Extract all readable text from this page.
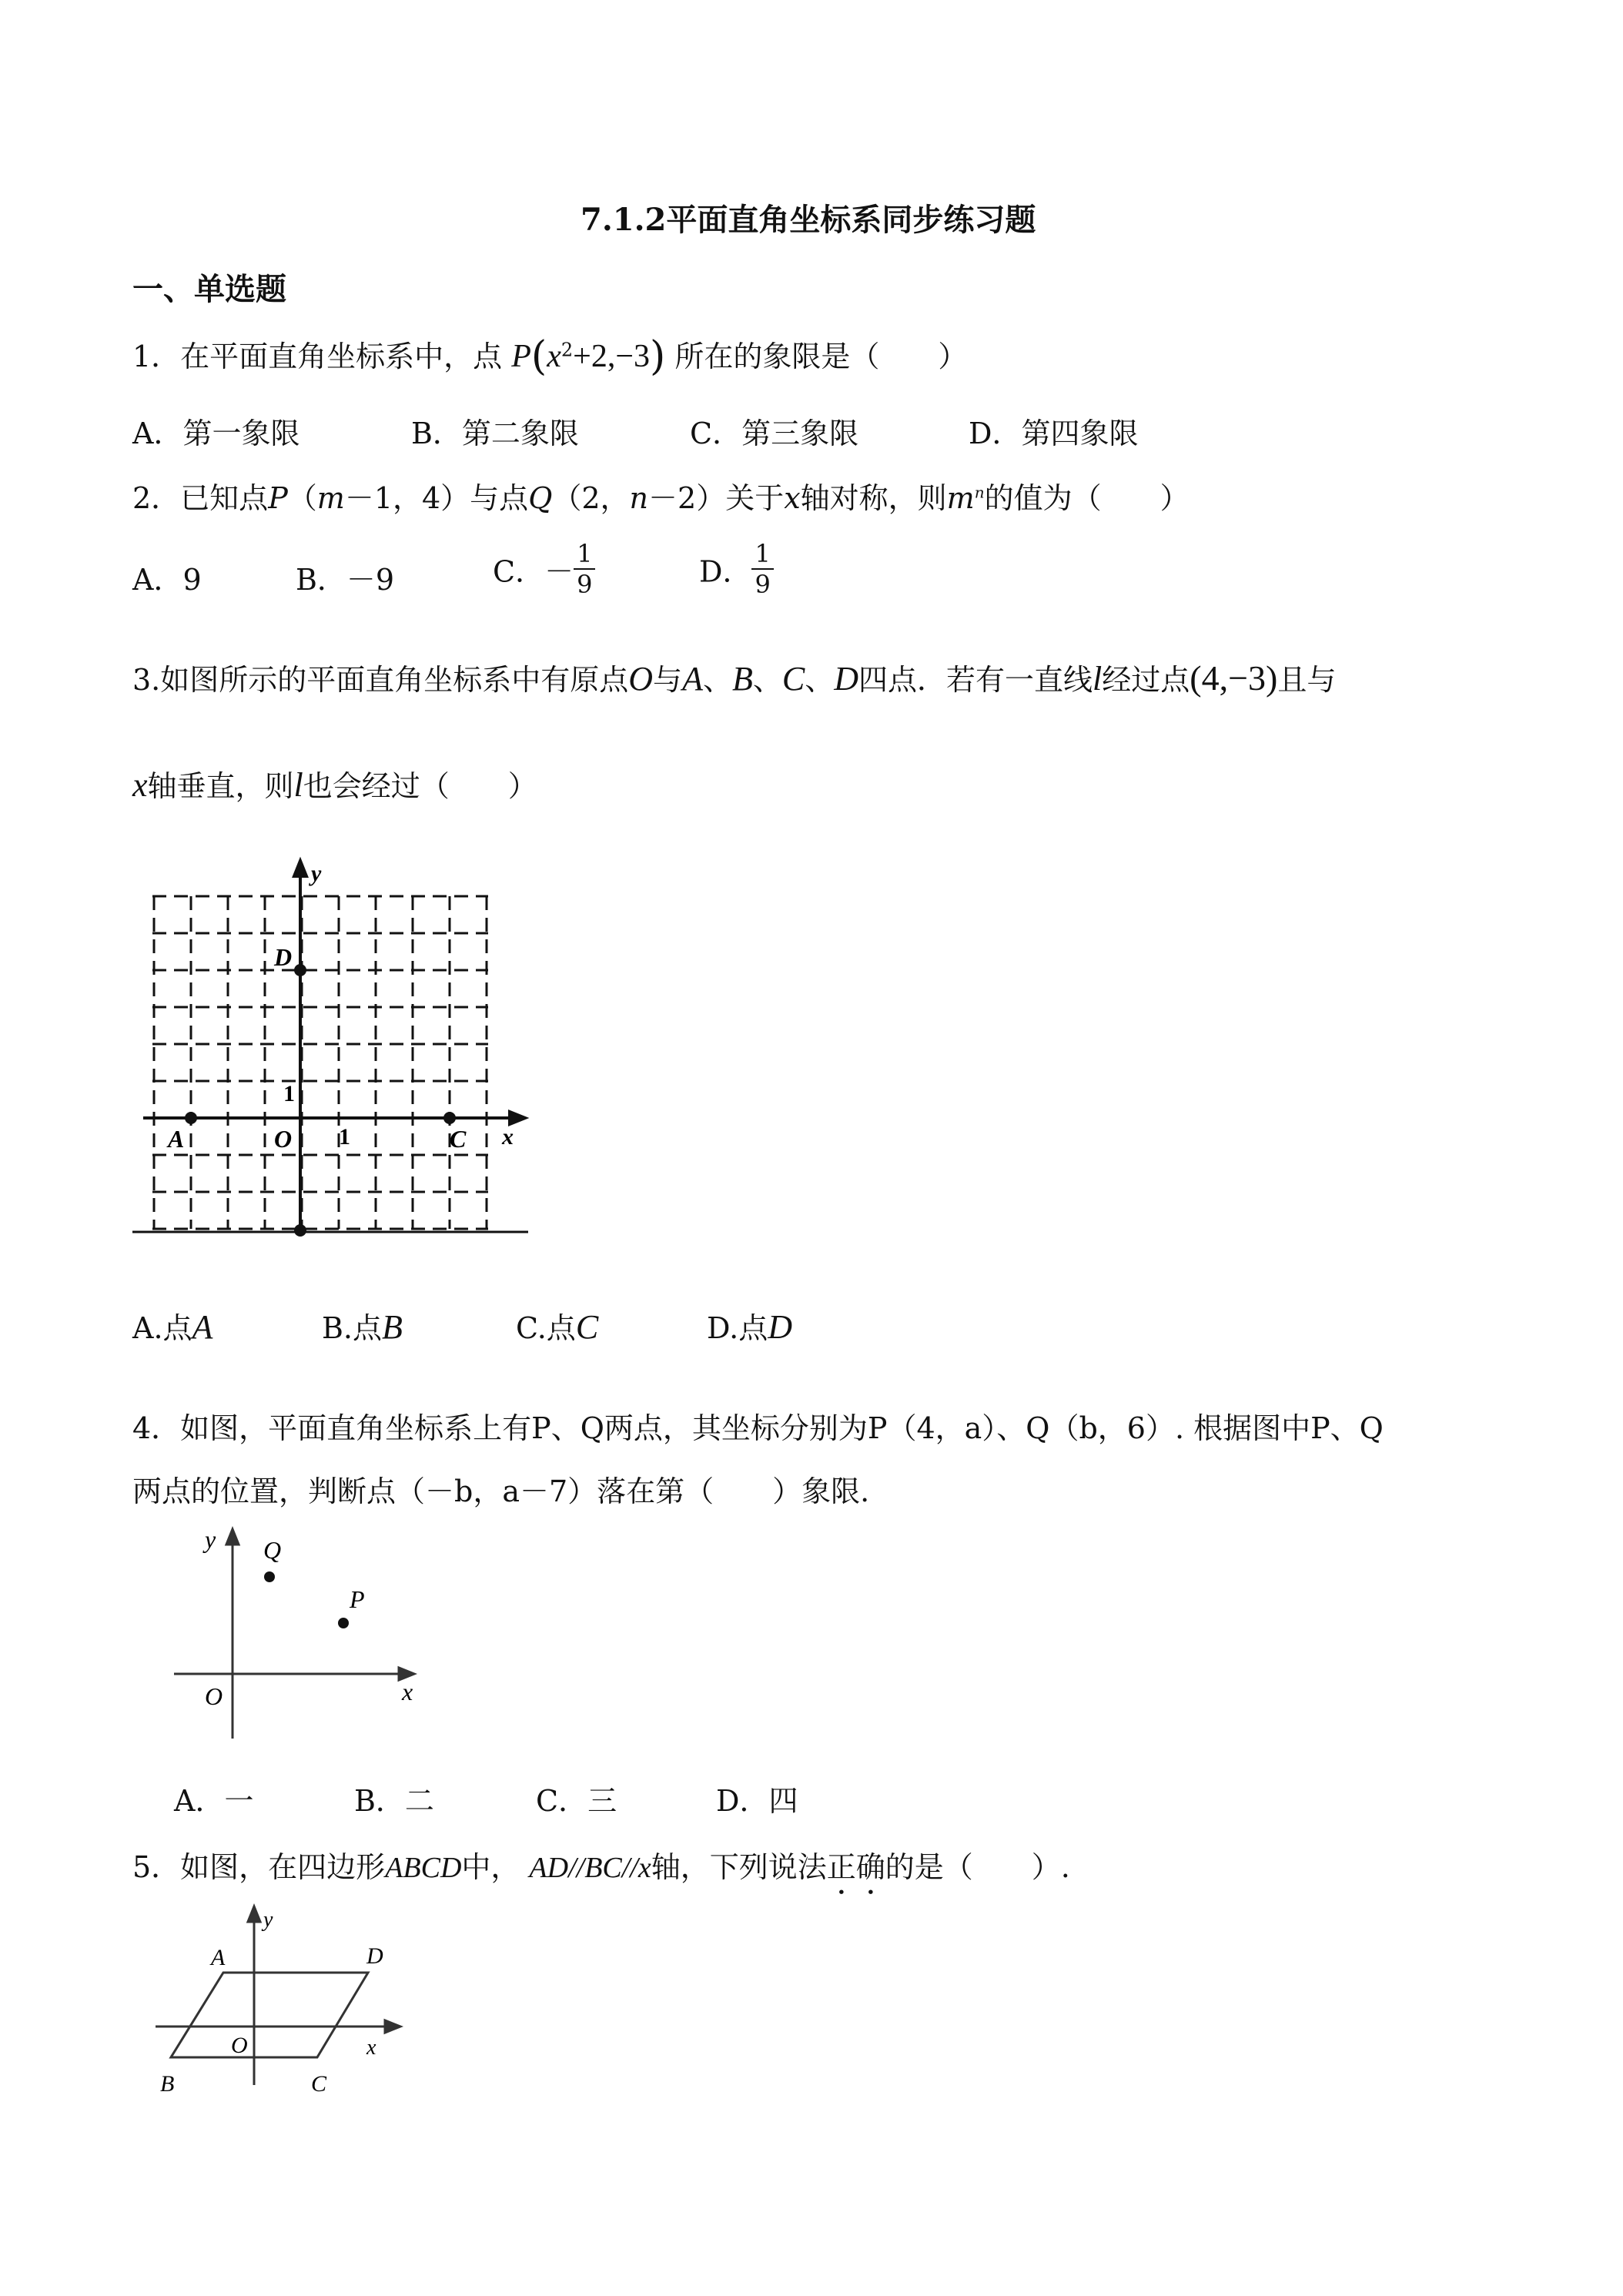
7.1.2平面直角坐标系同步练习题
一、单选题
1．在平面直角坐标系中，点 $P(x^2+2,-3)$ 所在的象限是（　　）
A．第一象限	B．第二象限	C．第三象限	D．第四象限
2．已知点P（m－1，4）与点Q（2，n－2）关于x轴对称，则$m^n$的值为（　　）
A．9	B．－9	C．－ $\frac{1}{9}$	D． $\frac{1}{9}$
3.如图所示的平面直角坐标系中有原点O与A、B、C、D四点．若有一直线l经过点(4,−3)且与
x轴垂直，则l也会经过（　　）
y
D
1
A	O 1	C x
A.点A	B.点B	C.点C	D.点D
4．如图，平面直角坐标系上有P、Q两点，其坐标分别为P（4，a）、Q（b，6）. 根据图中P、Q
两点的位置，判断点（－b，a－7）落在第（　　）象限.
y Q
P
O	x
A．一	B．二	C．三	D．四
5．如图，在四边形ABCD中， AD//BC//x轴，下列说法正确的是（　　）.
A
y
D
O	x
B	C
